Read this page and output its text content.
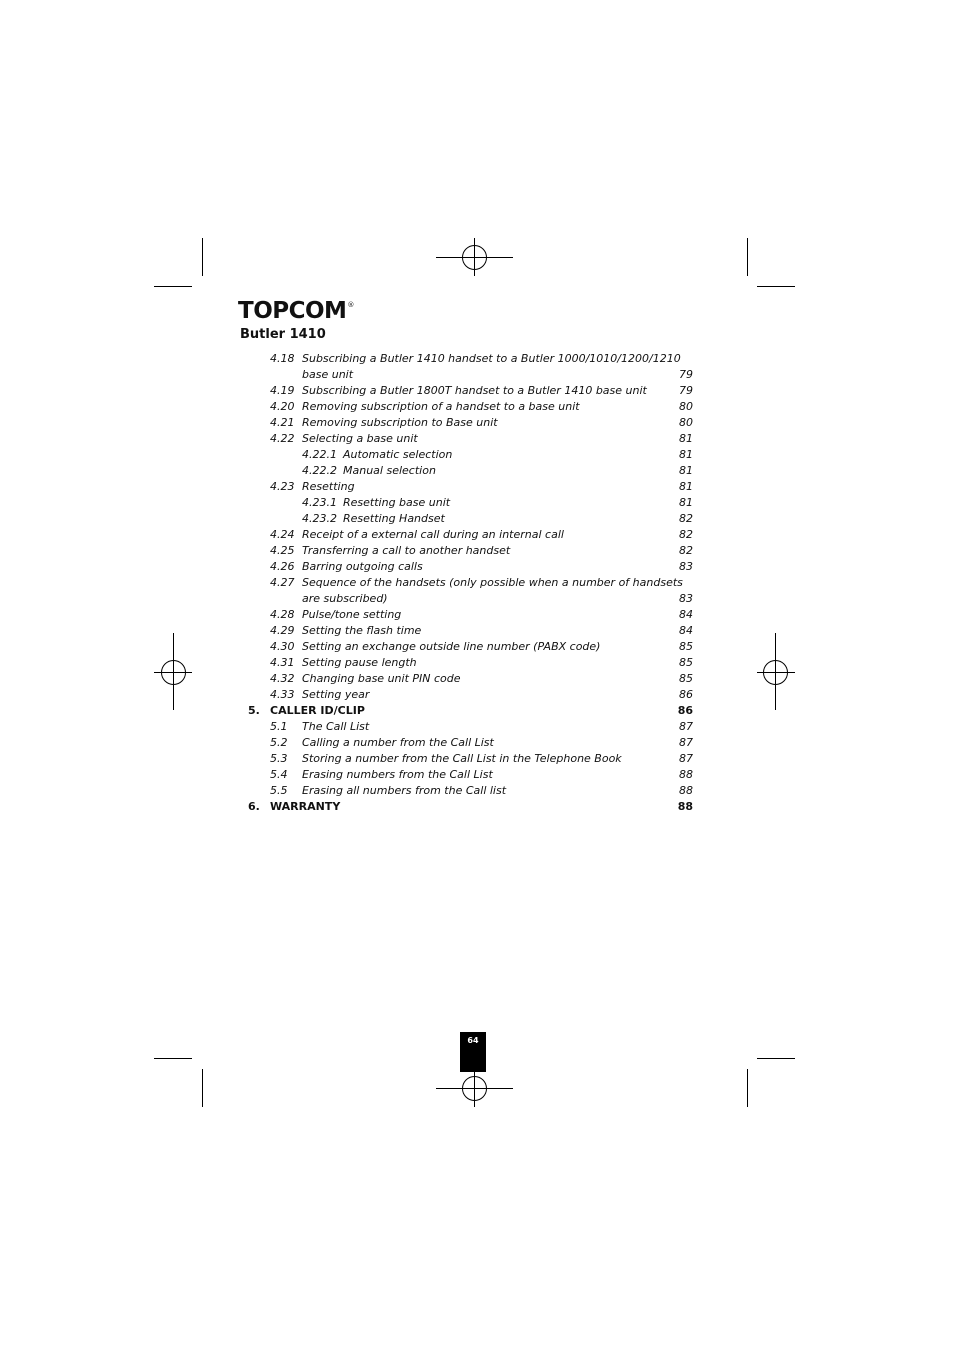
TOPCOM ®
Butler 1410
4.18 Subscribing a Butler 1410 handset to a Butler 1000/1010/1200/1210
base unit	79
4.19 Subscribing a Butler 1800T handset to a Butler 1410 base unit	79
4.20 Removing subscription of a handset to a base unit	80
4.21 Removing subscription to Base unit	80
4.22 Selecting a base unit	81
4.22.1 Automatic selection	81
4.22.2 Manual selection	81
4.23 Resetting	81
4.23.1 Resetting base unit	81
4.23.2 Resetting Handset	82
4.24 Receipt of a external call during an internal call	82
4.25 Transferring a call to another handset	82
4.26 Barring outgoing calls	83
4.27 Sequence of the handsets (only possible when a number of handsets
are subscribed)	83
4.28 Pulse/tone setting	84
4.29 Setting the flash time	84
4.30 Setting an exchange outside line number (PABX code)	85
4.31 Setting pause length	85
4.32 Changing base unit PIN code	85
4.33 Setting year	86
5. CALLER ID/CLIP	86
5.1 The Call List	87
5.2 Calling a number from the Call List	87
5.3 Storing a number from the Call List in the Telephone Book	87
5.4 Erasing numbers from the Call List	88
5.5 Erasing all numbers from the Call list	88
6. WARRANTY	88
64
